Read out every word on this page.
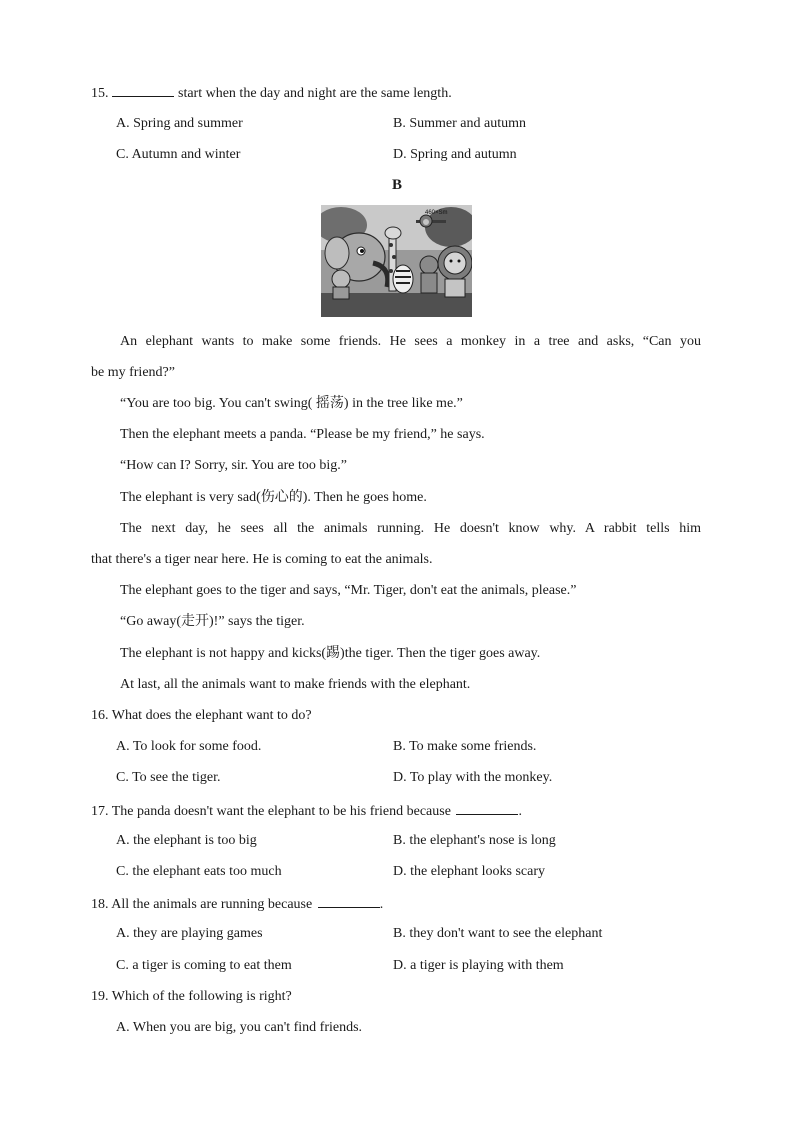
15.	start when the day and night are the same length.
A. Spring and summer	B. Summer and autumn
C. Autumn and winter	D. Spring and autumn
B
460×Sm
An elephant wants to make some friends. He sees a monkey in a tree and asks, “Can you
be my friend?”
“You are too big. You can't swing( 摇荡) in the tree like me.”
Then the elephant meets a panda. “Please be my friend,” he says.
“How can I? Sorry, sir. You are too big.”
The elephant is very sad(伤心的). Then he goes home.
The next day, he sees all the animals running. He doesn't know why. A rabbit tells him
that there's a tiger near here. He is coming to eat the animals.
The elephant goes to the tiger and says, “Mr. Tiger, don't eat the animals, please.”
“Go away(走开)!” says the tiger.
The elephant is not happy and kicks(踢)the tiger. Then the tiger goes away.
At last, all the animals want to make friends with the elephant.
16. What does the elephant want to do?
A. To look for some food.	B. To make some friends.
C. To see the tiger.	D. To play with the monkey.
17. The panda doesn't want the elephant to be his friend because	.
A. the elephant is too big	B. the elephant's nose is long
C. the elephant eats too much	D. the elephant looks scary
18. All the animals are running because	.
A. they are playing games	B. they don't want to see the elephant
C. a tiger is coming to eat them	D. a tiger is playing with them
19. Which of the following is right?
A. When you are big, you can't find friends.
